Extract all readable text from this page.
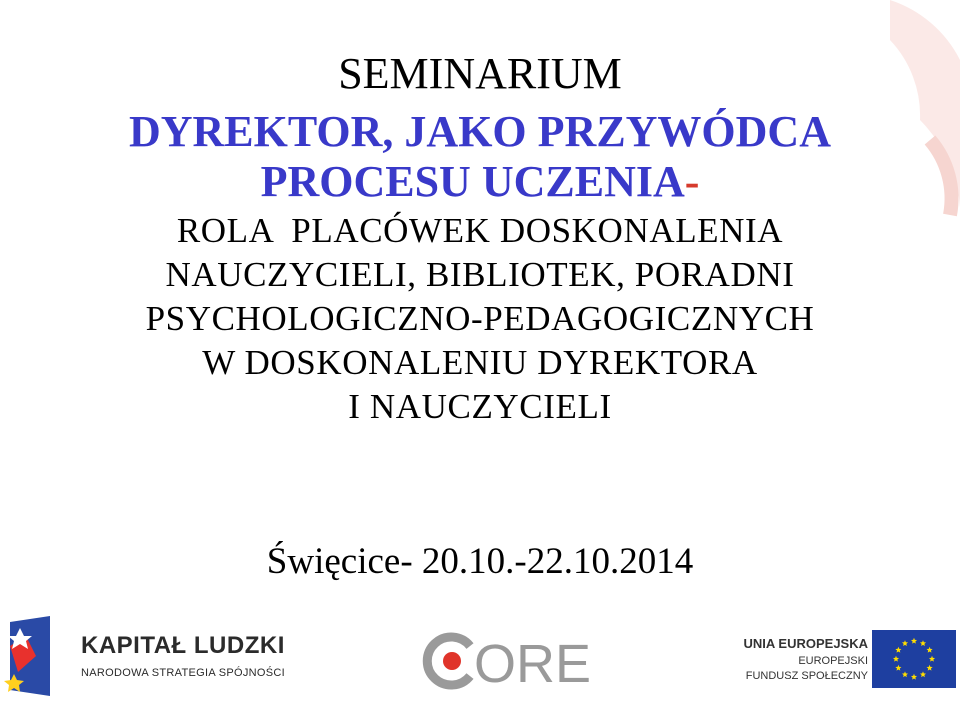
SEMINARIUM

DYREKTOR, JAKO PRZYWÓDCA

PROCESU UCZENIA-

ROLA  PLACÓWEK DOSKONALENIA

NAUCZYCIELI, BIBLIOTEK, PORADNI

PSYCHOLOGICZNO-PEDAGOGICZNYCH

W DOSKONALENIU DYREKTORA

I NAUCZYCIELI

Święcice- 20.10.-22.10.2014
KAPITAŁ LUDZKI
NARODOWA STRATEGIA SPÓJNOŚCI	ORE	UNIA EUROPEJSKA
EUROPEJSKI
FUNDUSZ SPOŁECZNY
